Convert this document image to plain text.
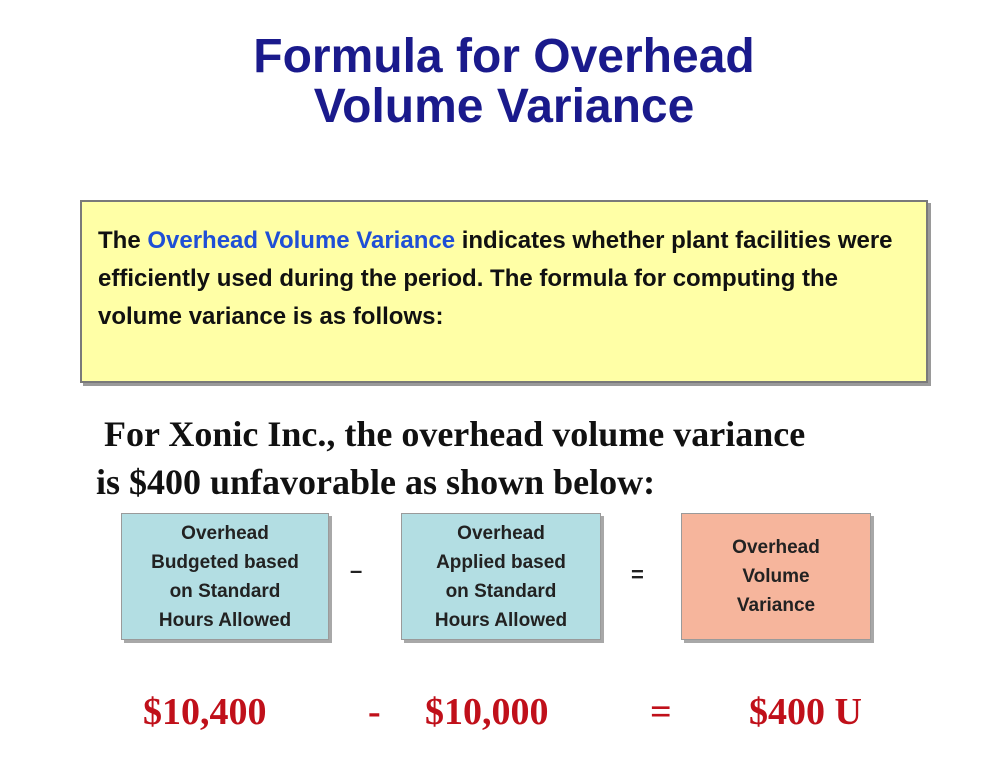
Formula for Overhead
Volume Variance
The Overhead Volume Variance indicates whether plant facilities were efficiently used during the period. The formula for computing the volume variance is as follows:
For Xonic Inc., the overhead volume variance
is $400 unfavorable as shown below:
Overhead
Budgeted based
on Standard
Hours Allowed
–
Overhead
Applied based
on Standard
Hours Allowed
=
Overhead
Volume
Variance
$10,400	- $10,000	= $400 U
